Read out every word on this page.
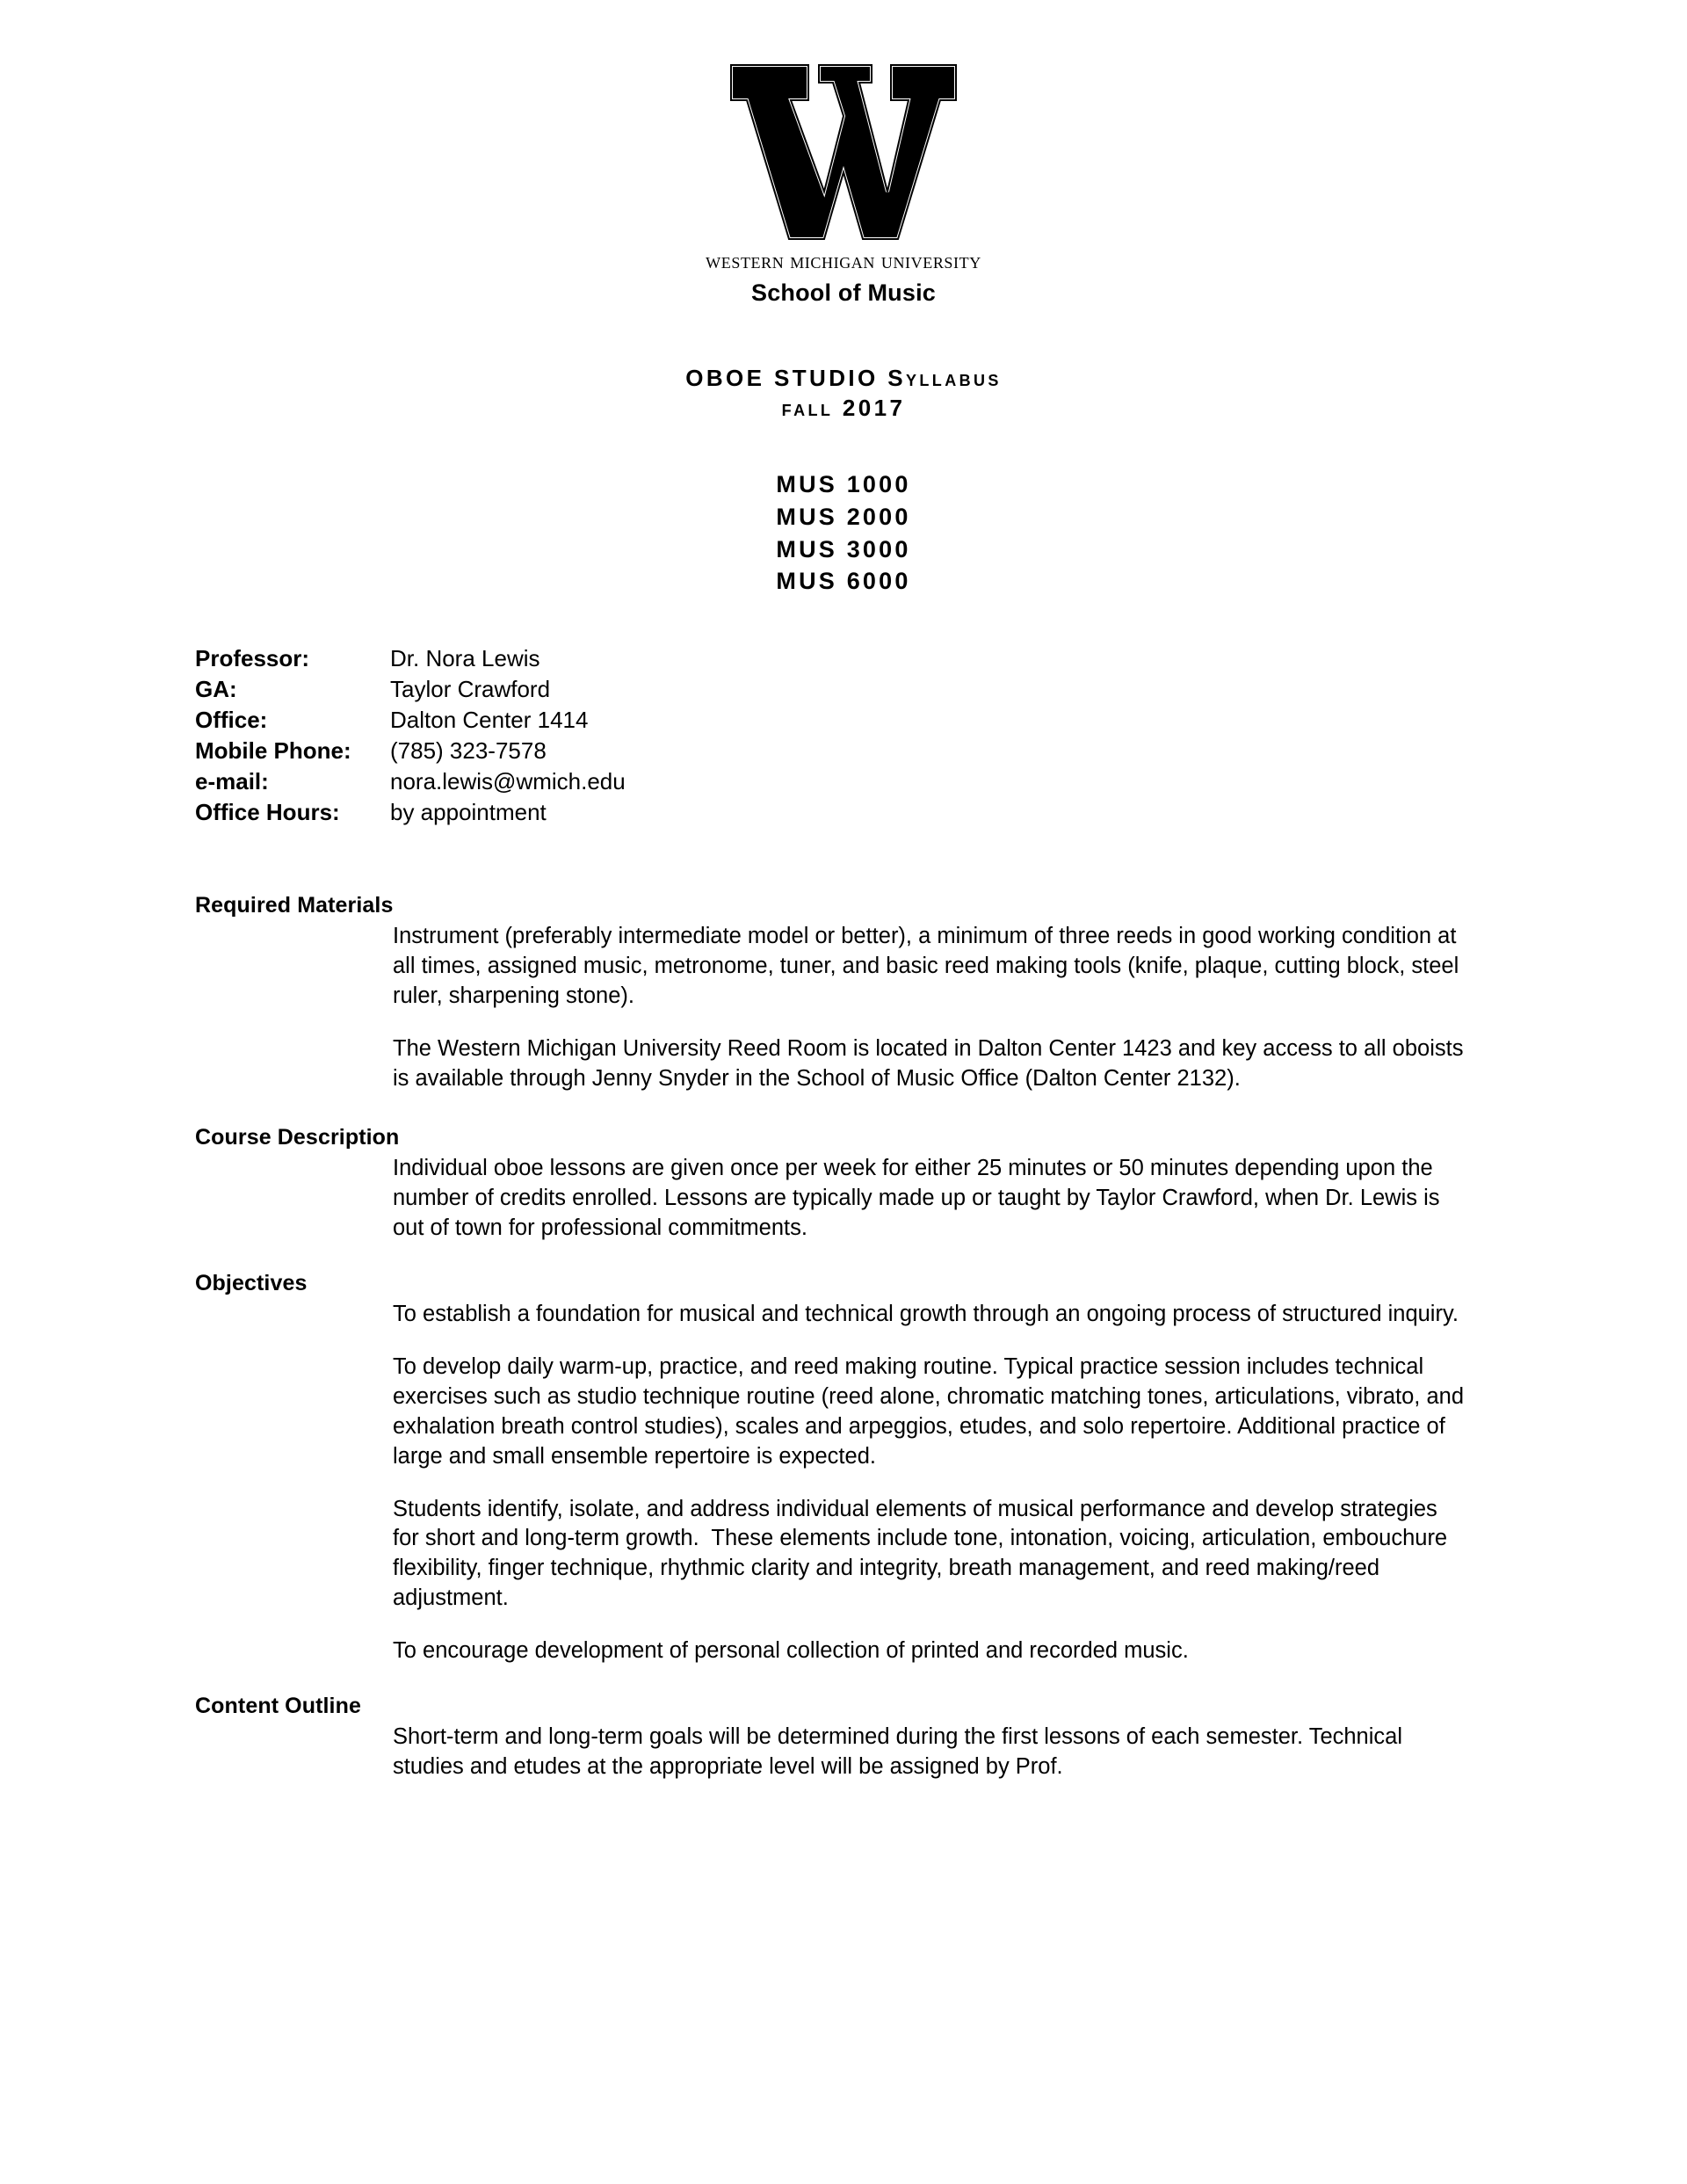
western michigan university
School of Music
OBOE STUDIO Syllabus
fall 2017
MUS 1000
MUS 2000
MUS 3000
MUS 6000
Professor:	Dr. Nora Lewis
GA:	Taylor Crawford
Office:	Dalton Center 1414
Mobile Phone:	(785) 323-7578
e-mail:	nora.lewis@wmich.edu
Office Hours:	by appointment
Required Materials

Instrument (preferably intermediate model or better), a minimum of three reeds in good working condition at all times, assigned music, metronome, tuner, and basic reed making tools (knife, plaque, cutting block, steel ruler, sharpening stone).

The Western Michigan University Reed Room is located in Dalton Center 1423 and key access to all oboists is available through Jenny Snyder in the School of Music Office (Dalton Center 2132).

Course Description

Individual oboe lessons are given once per week for either 25 minutes or 50 minutes depending upon the number of credits enrolled. Lessons are typically made up or taught by Taylor Crawford, when Dr. Lewis is out of town for professional commitments.

Objectives

To establish a foundation for musical and technical growth through an ongoing process of structured inquiry.

To develop daily warm-up, practice, and reed making routine. Typical practice session includes technical exercises such as studio technique routine (reed alone, chromatic matching tones, articulations, vibrato, and exhalation breath control studies), scales and arpeggios, etudes, and solo repertoire. Additional practice of large and small ensemble repertoire is expected.

Students identify, isolate, and address individual elements of musical performance and develop strategies for short and long-term growth.  These elements include tone, intonation, voicing, articulation, embouchure flexibility, finger technique, rhythmic clarity and integrity, breath management, and reed making/reed adjustment.

To encourage development of personal collection of printed and recorded music.

Content Outline

Short-term and long-term goals will be determined during the first lessons of each semester. Technical studies and etudes at the appropriate level will be assigned by Prof.
